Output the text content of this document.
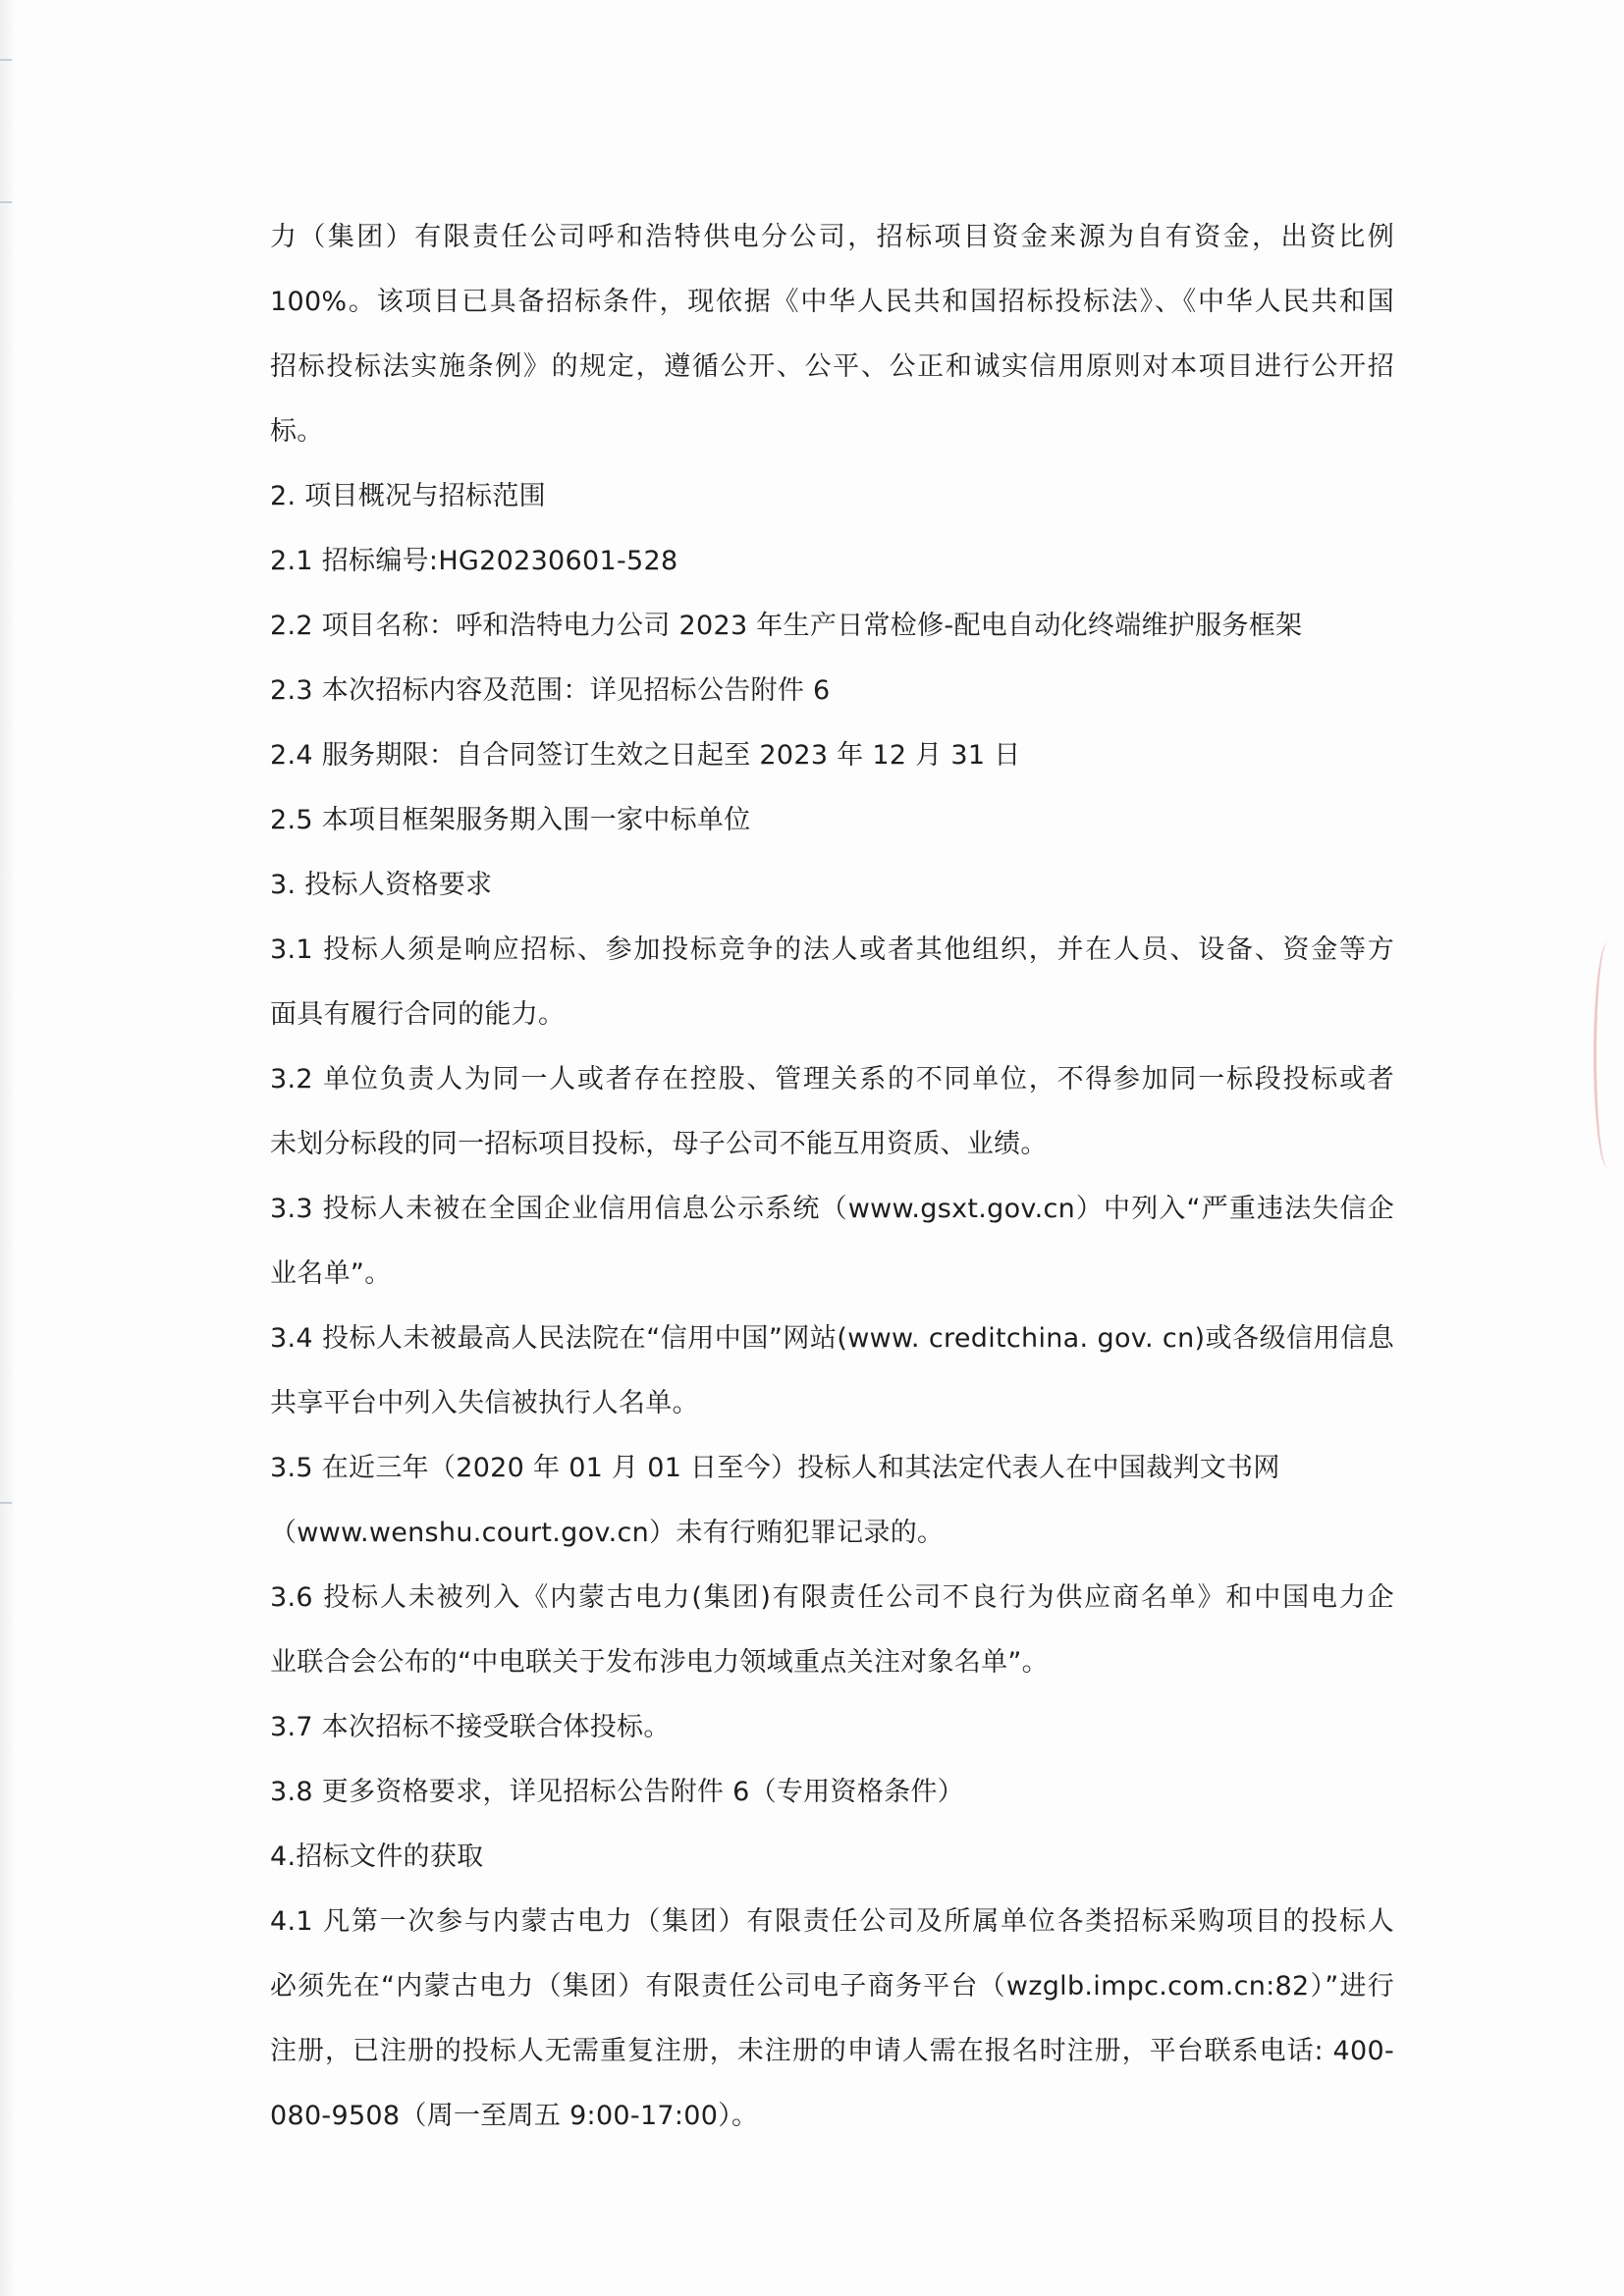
力（集团）有限责任公司呼和浩特供电分公司，招标项目资金来源为自有资金，出资比例
100%。该项目已具备招标条件，现依据《中华人民共和国招标投标法》、《中华人民共和国
招标投标法实施条例》的规定，遵循公开、公平、公正和诚实信用原则对本项目进行公开招
标。
2. 项目概况与招标范围
2.1 招标编号:HG20230601-528
2.2 项目名称：呼和浩特电力公司 2023 年生产日常检修-配电自动化终端维护服务框架
2.3 本次招标内容及范围：详见招标公告附件 6
2.4 服务期限：自合同签订生效之日起至 2023 年 12 月 31 日
2.5 本项目框架服务期入围一家中标单位
3. 投标人资格要求
3.1 投标人须是响应招标、参加投标竞争的法人或者其他组织，并在人员、设备、资金等方
面具有履行合同的能力。
3.2 单位负责人为同一人或者存在控股、管理关系的不同单位，不得参加同一标段投标或者
未划分标段的同一招标项目投标，母子公司不能互用资质、业绩。
3.3 投标人未被在全国企业信用信息公示系统（www.gsxt.gov.cn）中列入“严重违法失信企
业名单”。
3.4 投标人未被最高人民法院在“信用中国”网站(www. creditchina. gov. cn)或各级信用信息
共享平台中列入失信被执行人名单。
3.5 在近三年（2020 年 01 月 01 日至今）投标人和其法定代表人在中国裁判文书网
（www.wenshu.court.gov.cn）未有行贿犯罪记录的。
3.6 投标人未被列入《内蒙古电力(集团)有限责任公司不良行为供应商名单》和中国电力企
业联合会公布的“中电联关于发布涉电力领域重点关注对象名单”。
3.7 本次招标不接受联合体投标。
3.8 更多资格要求，详见招标公告附件 6（专用资格条件）
4.招标文件的获取
4.1 凡第一次参与内蒙古电力（集团）有限责任公司及所属单位各类招标采购项目的投标人
必须先在“内蒙古电力（集团）有限责任公司电子商务平台（wzglb.impc.com.cn:82）”进行
注册，已注册的投标人无需重复注册，未注册的申请人需在报名时注册，平台联系电话: 400-
080-9508（周一至周五 9:00-17:00）。
